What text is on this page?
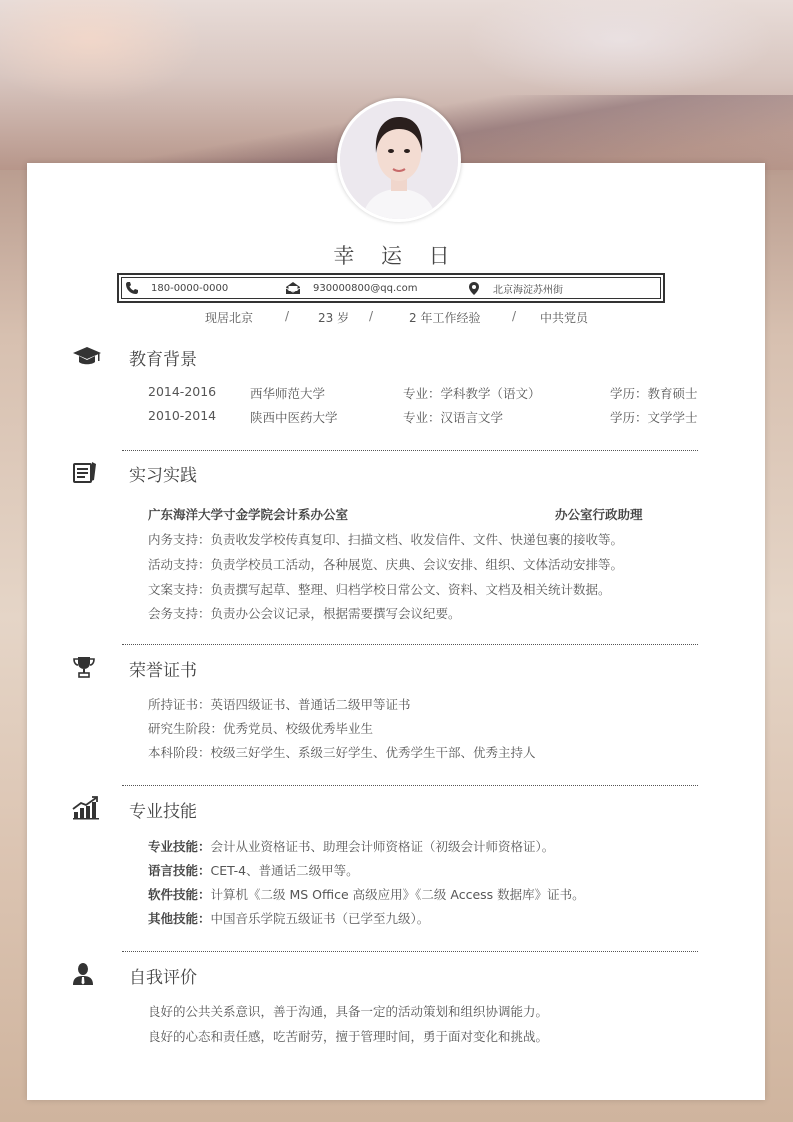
幸 运 日
180-0000-0000	930000800@qq.com	北京海淀苏州街
现居北京	/ 23 岁 /	2 年工作经验	/ 中共党员
教育背景
2014-2016	西华师范大学	专业：学科教学（语文）	学历：教育硕士
2010-2014	陕西中医药大学	专业：汉语言文学	学历：文学学士
实习实践
广东海洋大学寸金学院会计系办公室	办公室行政助理
内务支持：负责收发学校传真复印、扫描文档、收发信件、文件、快递包裹的接收等。
活动支持：负责学校员工活动，各种展览、庆典、会议安排、组织、文体活动安排等。
文案支持：负责撰写起草、整理、归档学校日常公文、资料、文档及相关统计数据。
会务支持：负责办公会议记录，根据需要撰写会议纪要。
荣誉证书
所持证书：英语四级证书、普通话二级甲等证书
研究生阶段：优秀党员、校级优秀毕业生
本科阶段：校级三好学生、系级三好学生、优秀学生干部、优秀主持人
专业技能
专业技能：会计从业资格证书、助理会计师资格证（初级会计师资格证）。
语言技能：CET-4、普通话二级甲等。
软件技能：计算机《二级 MS Office 高级应用》《二级 Access 数据库》证书。
其他技能：中国音乐学院五级证书（已学至九级）。
自我评价
良好的公共关系意识，善于沟通，具备一定的活动策划和组织协调能力。
良好的心态和责任感，吃苦耐劳，擅于管理时间，勇于面对变化和挑战。
